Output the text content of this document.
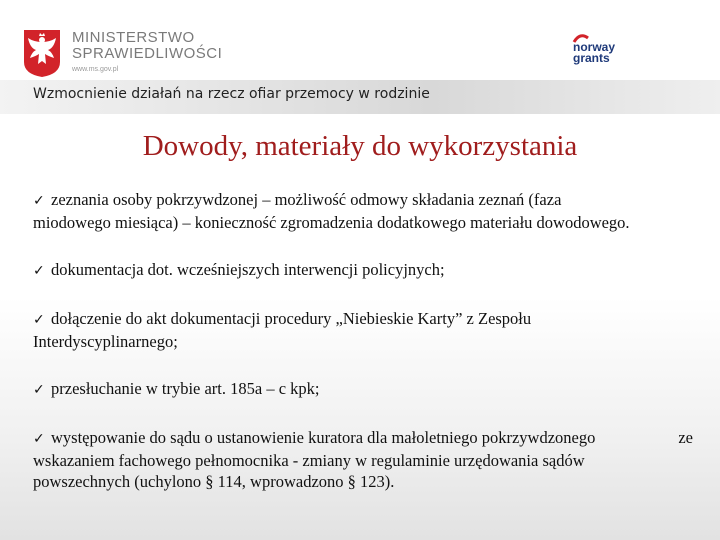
MINISTERSTWO
SPRAWIEDLIWOŚCI
www.ms.gov.pl
norway
grants
Wzmocnienie działań na rzecz ofiar przemocy w rodzinie
Dowody, materiały do wykorzystania
✓ zeznania osoby pokrzywdzonej – możliwość odmowy składania zeznań (faza
miodowego miesiąca) – konieczność zgromadzenia dodatkowego materiału dowodowego.
✓ dokumentacja dot. wcześniejszych interwencji policyjnych;
✓ dołączenie do akt dokumentacji procedury „Niebieskie Karty” z Zespołu
Interdyscyplinarnego;
✓ przesłuchanie w trybie art. 185a – c kpk;
✓ występowanie do sądu o ustanowienie kuratora dla małoletniego pokrzywdzonego	ze
wskazaniem fachowego pełnomocnika - zmiany w regulaminie urzędowania sądów
powszechnych (uchylono § 114, wprowadzono § 123).
